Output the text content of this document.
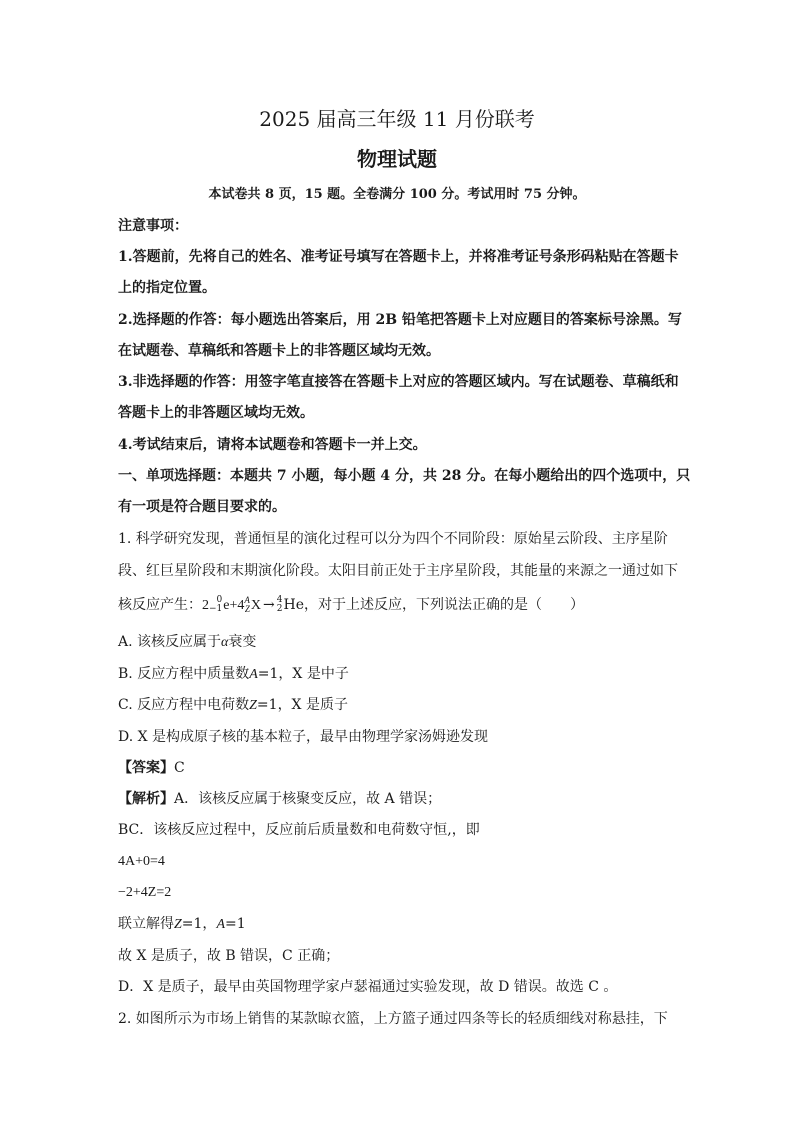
2025 届高三年级 11 月份联考
物理试题
本试卷共 8 页，15 题。全卷满分 100 分。考试用时 75 分钟。
注意事项：
1.答题前，先将自己的姓名、准考证号填写在答题卡上，并将准考证号条形码粘贴在答题卡
上的指定位置。
2.选择题的作答：每小题选出答案后，用 2B 铅笔把答题卡上对应题目的答案标号涂黑。写
在试题卷、草稿纸和答题卡上的非答题区域均无效。
3.非选择题的作答：用签字笔直接答在答题卡上对应的答题区域内。写在试题卷、草稿纸和
答题卡上的非答题区域均无效。
4.考试结束后，请将本试题卷和答题卡一并上交。
一、单项选择题：本题共 7 小题，每小题 4 分，共 28 分。在每小题给出的四个选项中，只
有一项是符合题目要求的。
1. 科学研究发现，普通恒星的演化过程可以分为四个不同阶段：原始星云阶段、主序星阶
段、红巨星阶段和末期演化阶段。太阳目前正处于主序星阶段，其能量的来源之一通过如下
核反应产生：2 0
−1 e+4 A
Z X → 4
2 He，对于上述反应，下列说法正确的是（　　）
A. 该核反应属于α衰变
B. 反应方程中质量数A=1，X 是中子
C. 反应方程中电荷数Z=1，X 是质子
D. X 是构成原子核的基本粒子，最早由物理学家汤姆逊发现
【答案】C
【解析】A．该核反应属于核聚变反应，故 A 错误；
BC．该核反应过程中，反应前后质量数和电荷数守恒,，即
4A+0=4
−2+4Z=2
联立解得Z=1，A=1
故 X 是质子，故 B 错误，C 正确；
D．X 是质子，最早由英国物理学家卢瑟福通过实验发现，故 D 错误。故选 C 。
2. 如图所示为市场上销售的某款晾衣篮，上方篮子通过四条等长的轻质细线对称悬挂，下
